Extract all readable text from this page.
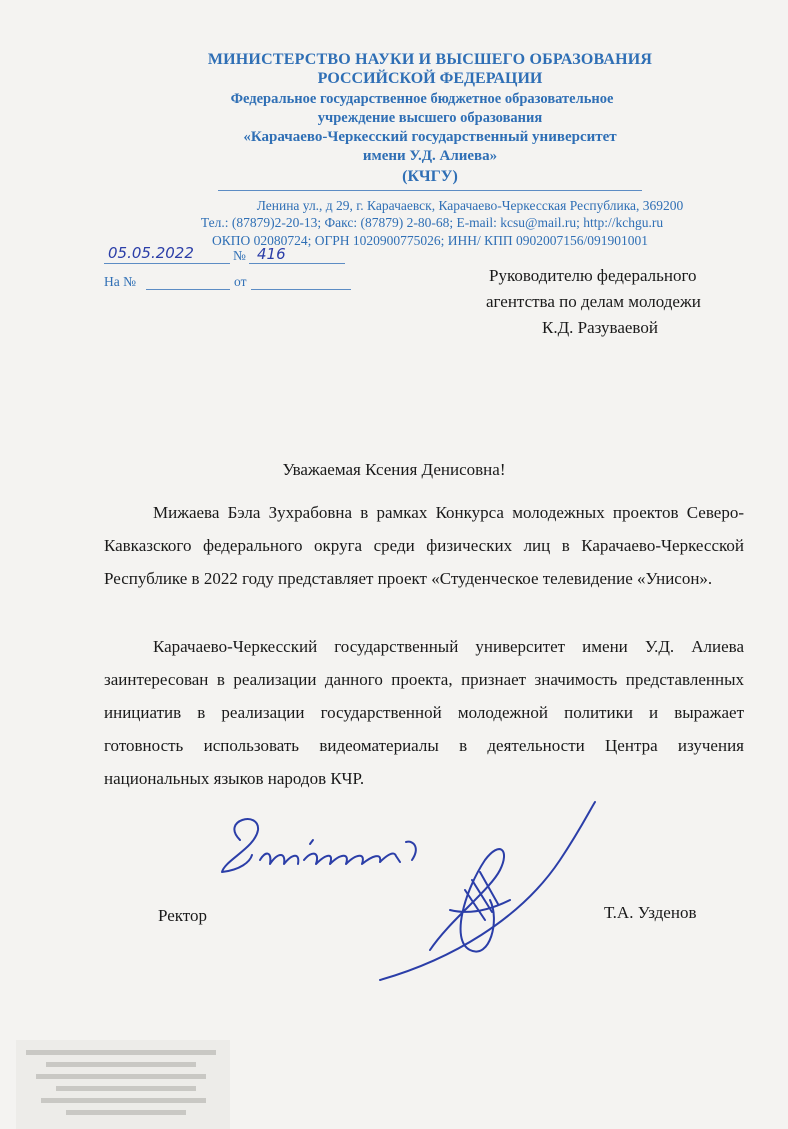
МИНИСТЕРСТВО НАУКИ И ВЫСШЕГО ОБРАЗОВАНИЯ
РОССИЙСКОЙ ФЕДЕРАЦИИ
Федеральное государственное бюджетное образовательное
учреждение высшего образования
«Карачаево-Черкесский государственный университет
имени У.Д. Алиева»
(КЧГУ)
Ленина ул., д 29, г. Карачаевск, Карачаево-Черкесская Республика, 369200
Тел.: (87879)2-20-13; Факс: (87879) 2-80-68; E-mail: kcsu@mail.ru; http://kchgu.ru
ОКПО 02080724; ОГРН 1020900775026; ИНН/ КПП 0902007156/091901001
05.05.2022	№ 416
На №	от	Руководителю федерального
агентства по делам молодежи
К.Д. Разуваевой
Уважаемая Ксения Денисовна!
Мижаева Бэла Зухрабовна в рамках Конкурса молодежных проектов Северо-Кавказского федерального округа среди физических лиц в Карачаево-Черкесской Республике в 2022 году представляет проект «Студенческое телевидение «Унисон».
Карачаево-Черкесский государственный университет имени У.Д. Алиева заинтересован в реализации данного проекта, признает значимость представленных инициатив в реализации государственной молодежной политики и выражает готовность использовать видеоматериалы в деятельности Центра изучения национальных языков народов КЧР.
Ректор	Т.А. Узденов
